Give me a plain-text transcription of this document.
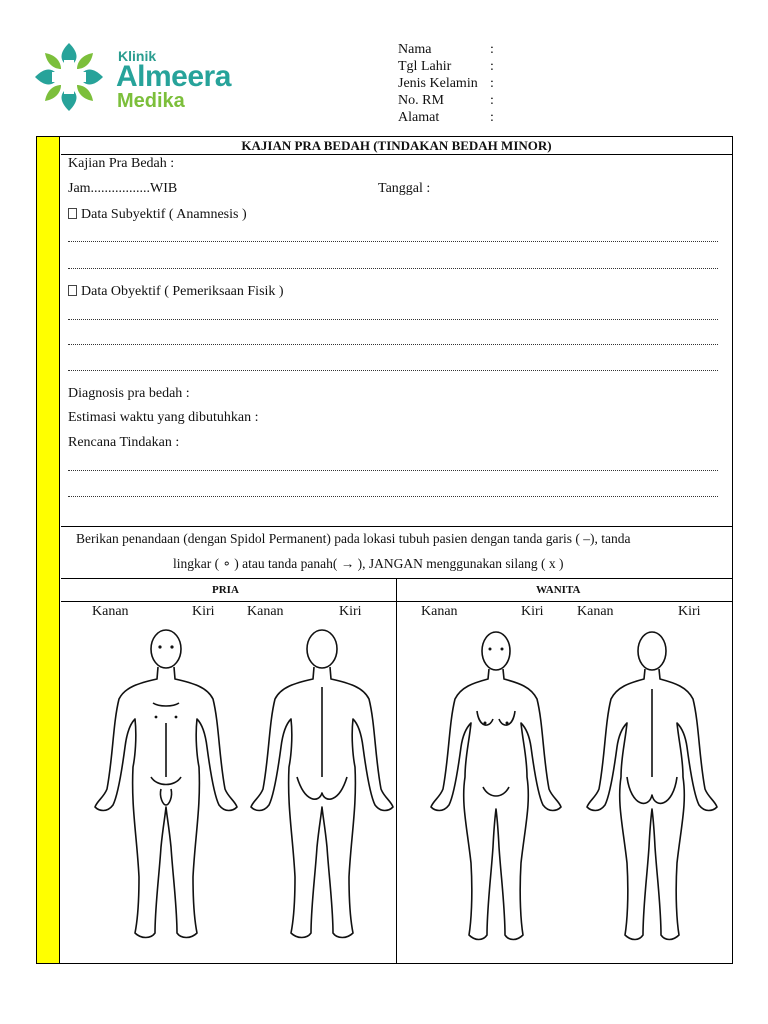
Klinik
Almeera
Medika
Nama	:
Tgl Lahir	:
Jenis Kelamin :
No. RM	:
Alamat	:
KAJIAN PRA BEDAH (TINDAKAN BEDAH MINOR)
Kajian Pra Bedah :
Jam.................WIB	Tanggal :
Data Subyektif ( Anamnesis )
Data Obyektif ( Pemeriksaan Fisik )
Diagnosis pra bedah :
Estimasi waktu yang dibutuhkan :
Rencana Tindakan :

Berikan penandaan (dengan Spidol Permanent) pada lokasi tubuh pasien dengan tanda garis ( –), tanda

lingkar ( ∘ ) atau tanda panah( → ), JANGAN menggunakan silang ( x )

PRIA	WANITA
Kanan	Kiri Kanan	Kiri	Kanan	Kiri Kanan	Kiri
